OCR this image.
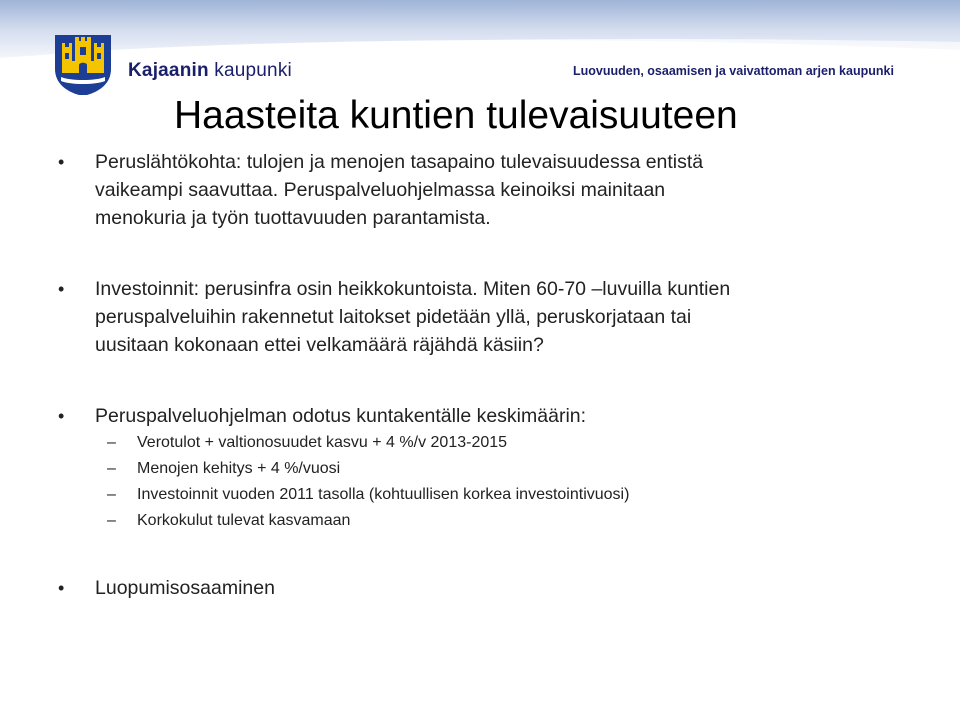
Kajaanin kaupunki	Luovuuden, osaamisen ja vaivattoman arjen kaupunki
Haasteita kuntien tulevaisuuteen
•	Peruslähtökohta: tulojen ja menojen tasapaino tulevaisuudessa entistä
vaikeampi saavuttaa. Peruspalveluohjelmassa keinoiksi mainitaan
menokuria ja työn tuottavuuden parantamista.
•	Investoinnit: perusinfra osin heikkokuntoista. Miten 60-70 –luvuilla kuntien
peruspalveluihin rakennetut laitokset pidetään yllä, peruskorjataan tai
uusitaan kokonaan ettei velkamäärä räjähdä käsiin?
•	Peruspalveluohjelman odotus kuntakentälle keskimäärin:
– Verotulot + valtionosuudet kasvu + 4 %/v 2013-2015
– Menojen kehitys + 4 %/vuosi
– Investoinnit vuoden 2011 tasolla (kohtuullisen korkea investointivuosi)
– Korkokulut tulevat kasvamaan
•	Luopumisosaaminen
